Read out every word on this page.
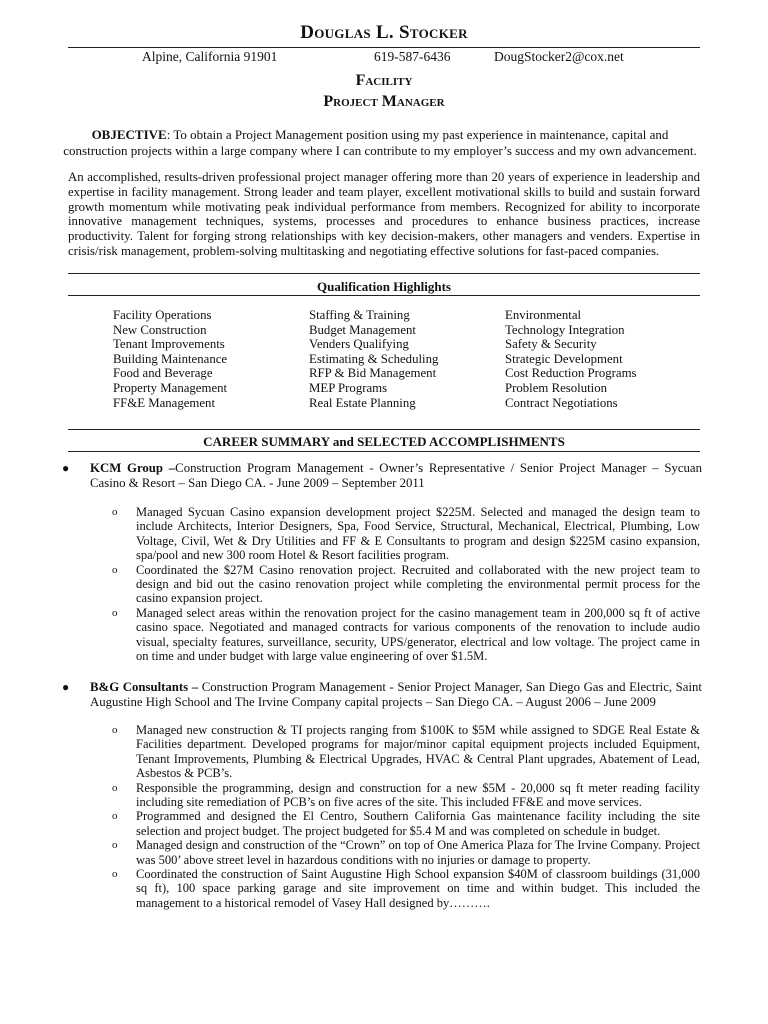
Douglas L. Stocker
Alpine, California 91901	619-587-6436	DougStocker2@cox.net
Facility
Project Manager
OBJECTIVE: To obtain a Project Management position using my past experience in maintenance, capital and construction projects within a large company where I can contribute to my employer’s success and my own advancement.
An accomplished, results-driven professional project manager offering more than 20 years of experience in leadership and expertise in facility management. Strong leader and team player, excellent motivational skills to build and sustain forward growth momentum while motivating peak individual performance from members. Recognized for ability to incorporate innovative management techniques, systems, processes and procedures to enhance business practices, increase productivity. Talent for forging strong relationships with key decision-makers, other managers and venders. Expertise in crisis/risk management, problem-solving multitasking and negotiating effective solutions for fast-paced companies.
Qualification Highlights
Facility Operations
New Construction
Tenant Improvements
Building Maintenance
Food and Beverage
Property Management
FF&E Management
Staffing & Training
Budget Management
Venders Qualifying
Estimating & Scheduling
RFP & Bid Management
MEP Programs
Real Estate Planning
Environmental
Technology Integration
Safety & Security
Strategic Development
Cost Reduction Programs
Problem Resolution
Contract Negotiations
CAREER SUMMARY and SELECTED ACCOMPLISHMENTS
● KCM Group –Construction Program Management - Owner’s Representative / Senior Project Manager – Sycuan Casino & Resort – San Diego CA. - June 2009 – September 2011
o Managed Sycuan Casino expansion development project $225M. Selected and managed the design team to include Architects, Interior Designers, Spa, Food Service, Structural, Mechanical, Electrical, Plumbing, Low Voltage, Civil, Wet & Dry Utilities and FF & E Consultants to program and design $225M casino expansion, spa/pool and new 300 room Hotel & Resort facilities program.
o Coordinated the $27M Casino renovation project. Recruited and collaborated with the new project team to design and bid out the casino renovation project while completing the environmental permit process for the casino expansion project.
o Managed select areas within the renovation project for the casino management team in 200,000 sq ft of active casino space. Negotiated and managed contracts for various components of the renovation to include audio visual, specialty features, surveillance, security, UPS/generator, electrical and low voltage. The project came in on time and under budget with large value engineering of over $1.5M.
● B&G Consultants – Construction Program Management - Senior Project Manager, San Diego Gas and Electric, Saint Augustine High School and The Irvine Company capital projects – San Diego CA. – August 2006 – June 2009
o Managed new construction & TI projects ranging from $100K to $5M while assigned to SDGE Real Estate & Facilities department. Developed programs for major/minor capital equipment projects included Equipment, Tenant Improvements, Plumbing & Electrical Upgrades, HVAC & Central Plant upgrades, Abatement of Lead, Asbestos & PCB’s.
o Responsible the programming, design and construction for a new $5M - 20,000 sq ft meter reading facility including site remediation of PCB’s on five acres of the site. This included FF&E and move services.
o Programmed and designed the El Centro, Southern California Gas maintenance facility including the site selection and project budget. The project budgeted for $5.4 M and was completed on schedule in budget.
o Managed design and construction of the “Crown” on top of One America Plaza for The Irvine Company. Project was 500’ above street level in hazardous conditions with no injuries or damage to property.
o Coordinated the construction of Saint Augustine High School expansion $40M of classroom buildings (31,000 sq ft), 100 space parking garage and site improvement on time and within budget. This included the management to a historical remodel of Vasey Hall designed by……….
